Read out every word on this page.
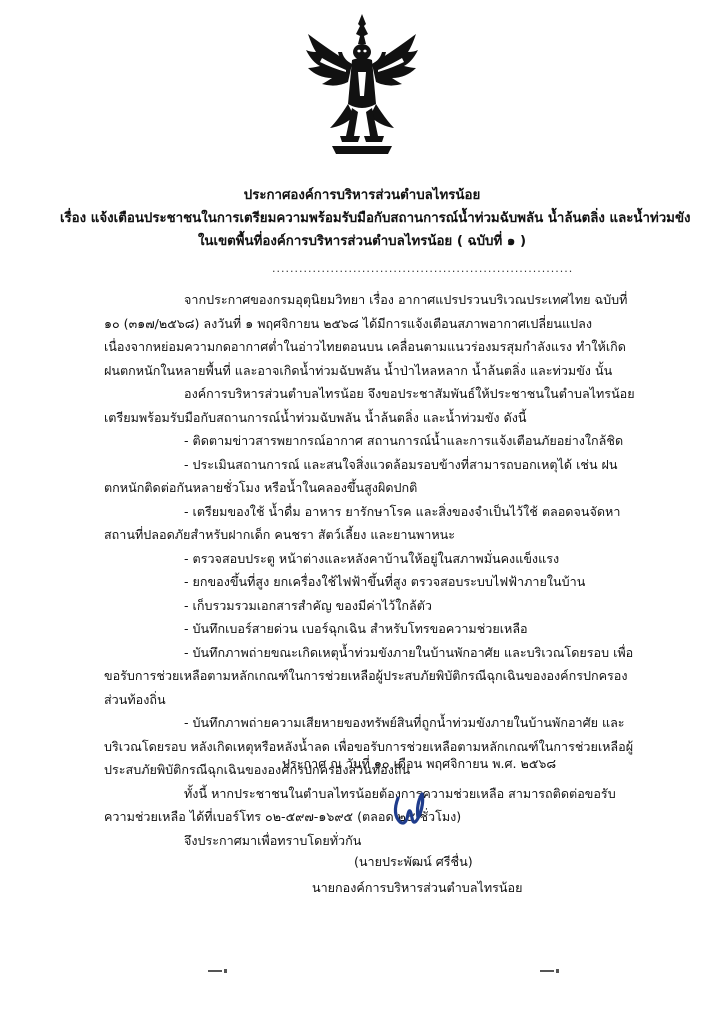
ประกาศองค์การบริหารส่วนตำบลไทรน้อย
เรื่อง แจ้งเตือนประชาชนในการเตรียมความพร้อมรับมือกับสถานการณ์น้ำท่วมฉับพลัน น้ำล้นตลิ่ง และน้ำท่วมขัง
ในเขตพื้นที่องค์การบริหารส่วนตำบลไทรน้อย ( ฉบับที่ ๑ )
...................................................................

จากประกาศของกรมอุตุนิยมวิทยา เรื่อง อากาศแปรปรวนบริเวณประเทศไทย ฉบับที่ ๑๐ (๓๑๗/๒๕๖๘) ลงวันที่ ๑ พฤศจิกายน ๒๕๖๘ ได้มีการแจ้งเตือนสภาพอากาศเปลี่ยนแปลง เนื่องจากหย่อมความกดอากาศต่ำในอ่าวไทยตอนบน เคลื่อนตามแนวร่องมรสุมกำลังแรง ทำให้เกิดฝนตกหนักในหลายพื้นที่ และอาจเกิดน้ำท่วมฉับพลัน น้ำป่าไหลหลาก น้ำล้นตลิ่ง และท่วมขัง นั้น

องค์การบริหารส่วนตำบลไทรน้อย จึงขอประชาสัมพันธ์ให้ประชาชนในตำบลไทรน้อย เตรียมพร้อมรับมือกับสถานการณ์น้ำท่วมฉับพลัน น้ำล้นตลิ่ง และน้ำท่วมขัง ดังนี้

- ติดตามข่าวสารพยากรณ์อากาศ สถานการณ์น้ำและการแจ้งเตือนภัยอย่างใกล้ชิด

- ประเมินสถานการณ์ และสนใจสิ่งแวดล้อมรอบข้างที่สามารถบอกเหตุได้ เช่น ฝนตกหนักติดต่อกันหลายชั่วโมง หรือน้ำในคลองขึ้นสูงผิดปกติ

- เตรียมของใช้ น้ำดื่ม อาหาร ยารักษาโรค และสิ่งของจำเป็นไว้ใช้ ตลอดจนจัดหาสถานที่ปลอดภัยสำหรับฝากเด็ก คนชรา สัตว์เลี้ยง และยานพาหนะ

- ตรวจสอบประตู หน้าต่างและหลังคาบ้านให้อยู่ในสภาพมั่นคงแข็งแรง

- ยกของขึ้นที่สูง ยกเครื่องใช้ไฟฟ้าขึ้นที่สูง ตรวจสอบระบบไฟฟ้าภายในบ้าน

- เก็บรวมรวมเอกสารสำคัญ ของมีค่าไว้ใกล้ตัว

- บันทึกเบอร์สายด่วน เบอร์ฉุกเฉิน สำหรับโทรขอความช่วยเหลือ

- บันทึกภาพถ่ายขณะเกิดเหตุน้ำท่วมขังภายในบ้านพักอาศัย และบริเวณโดยรอบ เพื่อขอรับการช่วยเหลือตามหลักเกณฑ์ในการช่วยเหลือผู้ประสบภัยพิบัติกรณีฉุกเฉินขององค์กรปกครองส่วนท้องถิ่น

- บันทึกภาพถ่ายความเสียหายของทรัพย์สินที่ถูกน้ำท่วมขังภายในบ้านพักอาศัย และบริเวณโดยรอบ หลังเกิดเหตุหรือหลังน้ำลด เพื่อขอรับการช่วยเหลือตามหลักเกณฑ์ในการช่วยเหลือผู้ประสบภัยพิบัติกรณีฉุกเฉินขององค์กรปกครองส่วนท้องถิ่น

ทั้งนี้ หากประชาชนในตำบลไทรน้อยต้องการความช่วยเหลือ สามารถติดต่อขอรับความช่วยเหลือ ได้ที่เบอร์โทร ๐๒-๕๙๗-๑๖๙๕ (ตลอด ๒๔ ชั่วโมง)

จึงประกาศมาเพื่อทราบโดยทั่วกัน

ประกาศ ณ วันที่ ๑๐ เดือน พฤศจิกายน พ.ศ. ๒๕๖๘
(นายประพัฒน์ ศรีชื่น)
นายกองค์การบริหารส่วนตำบลไทรน้อย
